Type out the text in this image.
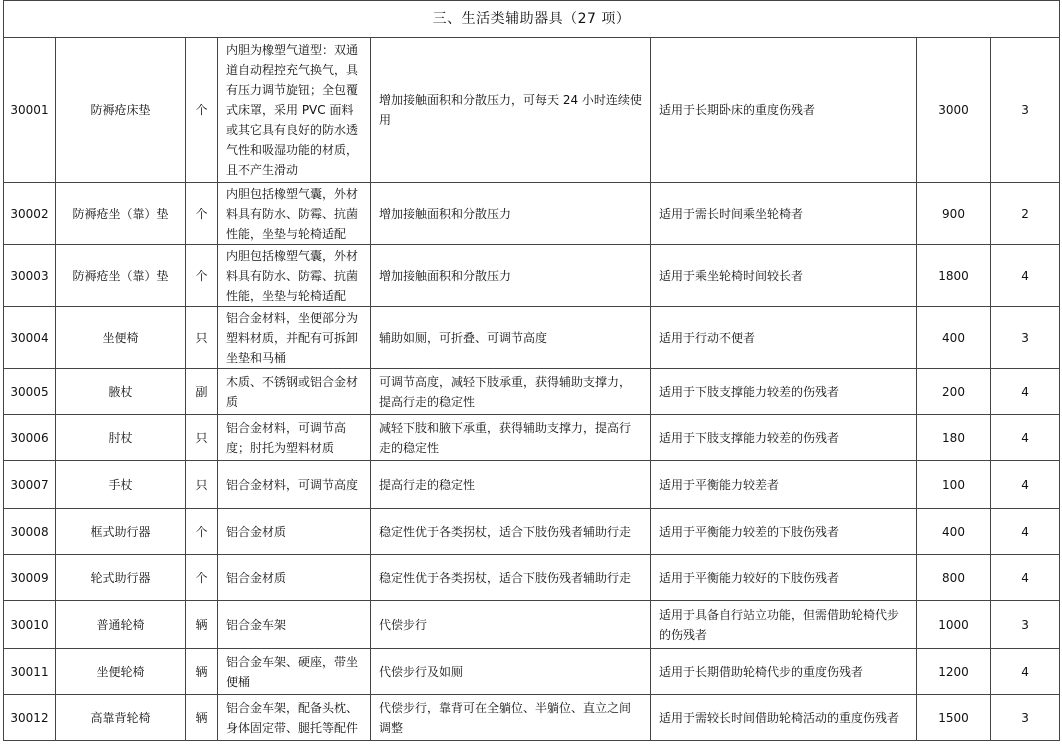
三、生活类辅助器具（27 项）							
30001	防褥疮床垫	个	内胆为橡塑气道型：双通道自动程控充气换气，具有压力调节旋钮；全包覆式床罩，采用 PVC 面料或其它具有良好的防水透气性和吸湿功能的材质，且不产生滑动	增加接触面积和分散压力，可每天 24 小时连续使用	适用于长期卧床的重度伤残者	3000	3
30002	防褥疮坐（靠）垫	个	内胆包括橡塑气囊，外材料具有防水、防霉、抗菌性能，坐垫与轮椅适配	增加接触面积和分散压力	适用于需长时间乘坐轮椅者	900	2
30003	防褥疮坐（靠）垫	个	内胆包括橡塑气囊，外材料具有防水、防霉、抗菌性能，坐垫与轮椅适配	增加接触面积和分散压力	适用于乘坐轮椅时间较长者	1800	4
30004	坐便椅	只	铝合金材料，坐便部分为塑料材质，并配有可拆卸坐垫和马桶	辅助如厕，可折叠、可调节高度	适用于行动不便者	400	3
30005	腋杖	副	木质、不锈钢或铝合金材质	可调节高度，减轻下肢承重，获得辅助支撑力，提高行走的稳定性	适用于下肢支撑能力较差的伤残者	200	4
30006	肘杖	只	铝合金材料，可调节高度；肘托为塑料材质	减轻下肢和腋下承重，获得辅助支撑力，提高行走的稳定性	适用于下肢支撑能力较差的伤残者	180	4
30007	手杖	只	铝合金材料，可调节高度	提高行走的稳定性	适用于平衡能力较差者	100	4
30008	框式助行器	个	铝合金材质	稳定性优于各类拐杖，适合下肢伤残者辅助行走	适用于平衡能力较差的下肢伤残者	400	4
30009	轮式助行器	个	铝合金材质	稳定性优于各类拐杖，适合下肢伤残者辅助行走	适用于平衡能力较好的下肢伤残者	800	4
30010	普通轮椅	辆	铝合金车架	代偿步行	适用于具备自行站立功能，但需借助轮椅代步的伤残者	1000	3
30011	坐便轮椅	辆	铝合金车架、硬座，带坐便桶	代偿步行及如厕	适用于长期借助轮椅代步的重度伤残者	1200	4
30012	高靠背轮椅	辆	铝合金车架，配备头枕、身体固定带、腿托等配件	代偿步行，靠背可在全躺位、半躺位、直立之间调整	适用于需较长时间借助轮椅活动的重度伤残者	1500	3
